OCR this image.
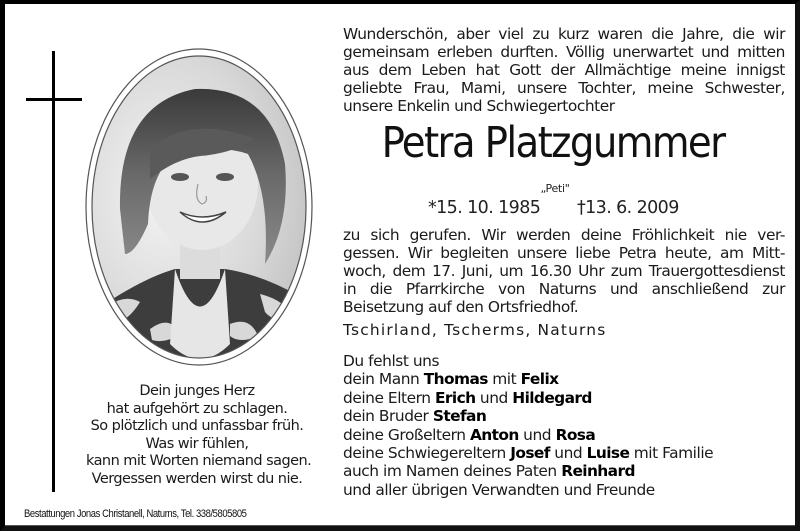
Wunderschön, aber viel zu kurz waren die Jahre, die wir
gemeinsam erleben durften. Völlig unerwartet und mitten
aus dem Leben hat Gott der Allmächtige meine innigst
geliebte Frau, Mami, unsere Tochter, meine Schwester,
unsere Enkelin und Schwiegertochter
Petra Platzgummer
„Peti"
*15. 10. 1985 †13. 6. 2009
zu sich gerufen. Wir werden deine Fröhlichkeit nie ver-
gessen. Wir begleiten unsere liebe Petra heute, am Mitt-
woch, dem 17. Juni, um 16.30 Uhr zum Trauergottesdienst
in die Pfarrkirche von Naturns und anschließend zur
Beisetzung auf den Ortsfriedhof.
Tschirland, Tscherms, Naturns
Du fehlst uns
dein Mann Thomas mit Felix
deine Eltern Erich und Hildegard
dein Bruder Stefan
deine Großeltern Anton und Rosa
deine Schwiegereltern Josef und Luise mit Familie
auch im Namen deines Paten Reinhard
und aller übrigen Verwandten und Freunde
Dein junges Herz
hat aufgehört zu schlagen.
So plötzlich und unfassbar früh.
Was wir fühlen,
kann mit Worten niemand sagen.
Vergessen werden wirst du nie.
Bestattungen Jonas Christanell, Naturns, Tel. 338/5805805
